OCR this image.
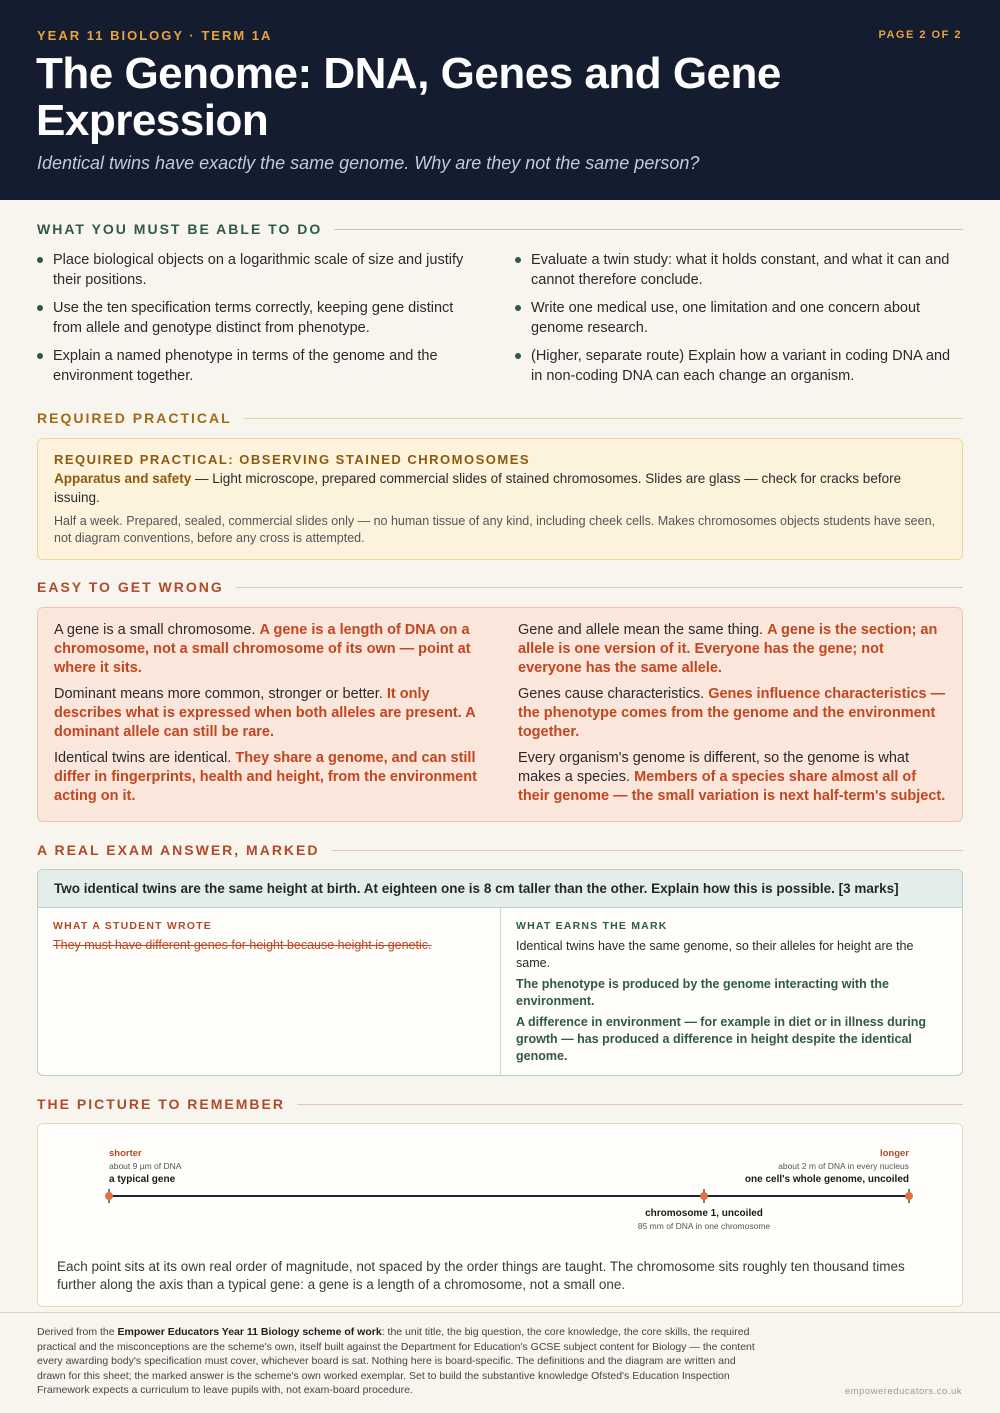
YEAR 11 BIOLOGY · TERM 1A	PAGE 2 OF 2
The Genome: DNA, Genes and Gene Expression
Identical twins have exactly the same genome. Why are they not the same person?
WHAT YOU MUST BE ABLE TO DO
Place biological objects on a logarithmic scale of size and justify their positions.
Use the ten specification terms correctly, keeping gene distinct from allele and genotype distinct from phenotype.
Explain a named phenotype in terms of the genome and the environment together.
Evaluate a twin study: what it holds constant, and what it can and cannot therefore conclude.
Write one medical use, one limitation and one concern about genome research.
(Higher, separate route) Explain how a variant in coding DNA and in non-coding DNA can each change an organism.
REQUIRED PRACTICAL
REQUIRED PRACTICAL: OBSERVING STAINED CHROMOSOMES
Apparatus and safety — Light microscope, prepared commercial slides of stained chromosomes. Slides are glass — check for cracks before issuing.
Half a week. Prepared, sealed, commercial slides only — no human tissue of any kind, including cheek cells. Makes chromosomes objects students have seen, not diagram conventions, before any cross is attempted.
EASY TO GET WRONG

A gene is a small chromosome. A gene is a length of DNA on a chromosome, not a small chromosome of its own — point at where it sits.

Dominant means more common, stronger or better. It only describes what is expressed when both alleles are present. A dominant allele can still be rare.

Identical twins are identical. They share a genome, and can still differ in fingerprints, health and height, from the environment acting on it.

Gene and allele mean the same thing. A gene is the section; an allele is one version of it. Everyone has the gene; not everyone has the same allele.

Genes cause characteristics. Genes influence characteristics — the phenotype comes from the genome and the environment together.

Every organism's genome is different, so the genome is what makes a species. Members of a species share almost all of their genome — the small variation is next half-term's subject.

A REAL EXAM ANSWER, MARKED
Two identical twins are the same height at birth. At eighteen one is 8 cm taller than the other. Explain how this is possible. [3 marks]
WHAT A STUDENT WROTE
They must have different genes for height because height is genetic.
WHAT EARNS THE MARK
Identical twins have the same genome, so their alleles for height are the same.
The phenotype is produced by the genome interacting with the environment.
A difference in environment — for example in diet or in illness during growth — has produced a difference in height despite the identical genome.
THE PICTURE TO REMEMBER
shorter
about 9 µm of DNA
a typical gene
longer
about 2 m of DNA in every nucleus
one cell's whole genome, uncoiled
chromosome 1, uncoiled
85 mm of DNA in one chromosome
Each point sits at its own real order of magnitude, not spaced by the order things are taught. The chromosome sits roughly ten thousand times further along the axis than a typical gene: a gene is a length of a chromosome, not a small one.
Derived from the Empower Educators Year 11 Biology scheme of work: the unit title, the big question, the core knowledge, the core skills, the required practical and the misconceptions are the scheme's own, itself built against the Department for Education's GCSE subject content for Biology — the content every awarding body's specification must cover, whichever board is sat. Nothing here is board-specific. The definitions and the diagram are written and drawn for this sheet; the marked answer is the scheme's own worked exemplar. Set to build the substantive knowledge Ofsted's Education Inspection Framework expects a curriculum to leave pupils with, not exam-board procedure.	empowereducators.co.uk
